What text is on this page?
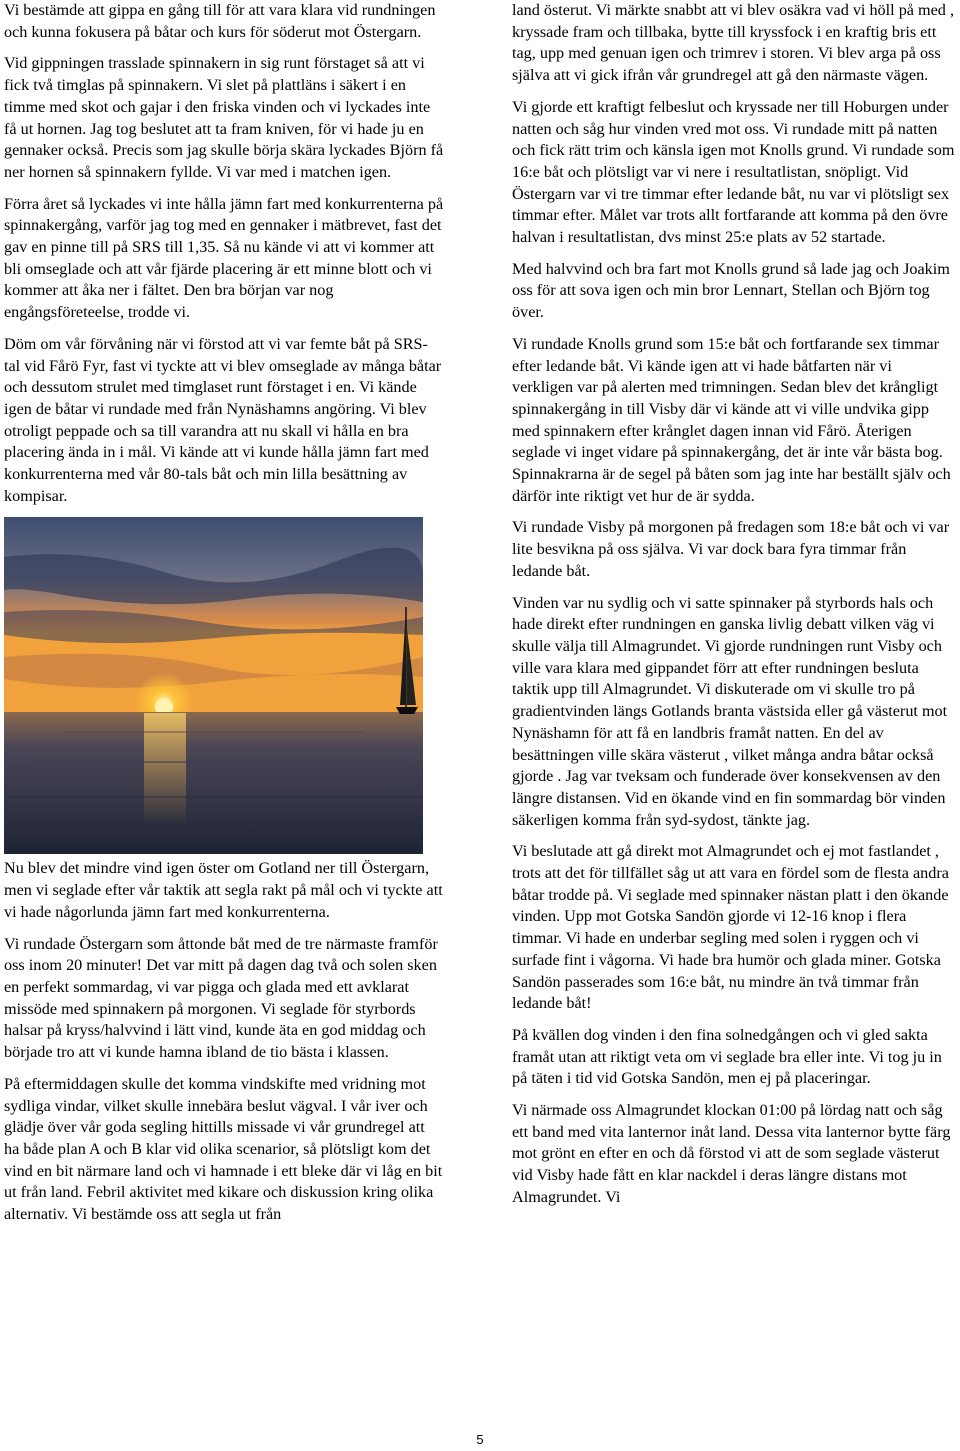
Vi bestämde att gippa en gång till för att vara klara vid rundningen och kunna fokusera på båtar och kurs för söderut mot Östergarn.

Vid gippningen trasslade spinnakern in sig runt förstaget så att vi fick två timglas på spinnakern. Vi slet på plattläns i säkert i en timme med skot och gajar i den friska vinden och vi lyckades inte få ut hornen. Jag tog beslutet att ta fram kniven, för vi hade ju en gennaker också. Precis som jag skulle börja skära lyckades Björn få ner hornen så spinnakern fyllde. Vi var med i matchen igen.

Förra året så lyckades vi inte hålla jämn fart med konkurrenterna på spinnakergång, varför jag tog med en gennaker i mätbrevet, fast det gav en pinne till på SRS till 1,35. Så nu kände vi att vi kommer att bli omseglade och att vår fjärde placering är ett minne blott och vi kommer att åka ner i fältet. Den bra början var nog engångsföreteelse, trodde vi.

Döm om vår förvåning när vi förstod att vi var femte båt på SRS-tal vid Fårö Fyr, fast vi tyckte att vi blev omseglade av många båtar och dessutom strulet med timglaset runt förstaget i en. Vi kände igen de båtar vi rundade med från Nynäshamns angöring. Vi blev otroligt peppade och sa till varandra att nu skall vi hålla en bra placering ända in i mål. Vi kände att vi kunde hålla jämn fart med konkurrenterna med vår 80-tals båt och min lilla besättning av kompisar.

Nu blev det mindre vind igen öster om Gotland ner till Östergarn, men vi seglade efter vår taktik att segla rakt på mål och vi tyckte att vi hade någorlunda jämn fart med konkurrenterna.

Vi rundade Östergarn som åttonde båt med de tre närmaste framför oss inom 20 minuter! Det var mitt på dagen dag två och solen sken en perfekt sommardag, vi var pigga och glada med ett avklarat missöde med spinnakern på morgonen. Vi seglade för styrbords halsar på kryss/halvvind i lätt vind, kunde äta en god middag och började tro att vi kunde hamna ibland de tio bästa i klassen.

På eftermiddagen skulle det komma vindskifte med vridning mot sydliga vindar, vilket skulle innebära beslut vägval. I vår iver och glädje över vår goda segling hittills missade vi vår grundregel att ha både plan A och B klar vid olika scenarior, så plötsligt kom det vind en bit närmare land och vi hamnade i ett bleke där vi låg en bit ut från land. Febril aktivitet med kikare och diskussion kring olika alternativ. Vi bestämde oss att segla ut från

land österut. Vi märkte snabbt att vi blev osäkra vad vi höll på med , kryssade fram och tillbaka, bytte till kryssfock i en kraftig bris ett tag, upp med genuan igen och trimrev i storen. Vi blev arga på oss själva att vi gick ifrån vår grundregel att gå den närmaste vägen.

Vi gjorde ett kraftigt felbeslut och kryssade ner till Hoburgen under natten och såg hur vinden vred mot oss. Vi rundade mitt på natten och fick rätt trim och känsla igen mot Knolls grund. Vi rundade som 16:e båt och plötsligt var vi nere i resultatlistan, snöpligt. Vid Östergarn var vi tre timmar efter ledande båt, nu var vi plötsligt sex timmar efter. Målet var trots allt fortfarande att komma på den övre halvan i resultatlistan, dvs minst 25:e plats av 52 startade.

Med halvvind och bra fart mot Knolls grund så lade jag och Joakim oss för att sova igen och min bror Lennart, Stellan och Björn tog över.

Vi rundade Knolls grund som 15:e båt och fortfarande sex timmar efter ledande båt. Vi kände igen att vi hade båtfarten när vi verkligen var på alerten med trimningen. Sedan blev det krångligt spinnakergång in till Visby där vi kände att vi ville undvika gipp med spinnakern efter krånglet dagen innan vid Fårö. Återigen seglade vi inget vidare på spinnakergång, det är inte vår bästa bog. Spinnakrarna är de segel på båten som jag inte har beställt själv och därför inte riktigt vet hur de är sydda.

Vi rundade Visby på morgonen på fredagen som 18:e båt och vi var lite besvikna på oss själva. Vi var dock bara fyra timmar från ledande båt.

Vinden var nu sydlig och vi satte spinnaker på styrbords hals och hade direkt efter rundningen en ganska livlig debatt vilken väg vi skulle välja till Almagrundet. Vi gjorde rundningen runt Visby och ville vara klara med gippandet förr att efter rundningen besluta taktik upp till Almagrundet. Vi diskuterade om vi skulle tro på gradientvinden längs Gotlands branta västsida eller gå västerut mot Nynäshamn för att få en landbris framåt natten. En del av besättningen ville skära västerut , vilket många andra båtar också gjorde . Jag var tveksam och funderade över konsekvensen av den längre distansen. Vid en ökande vind en fin sommardag bör vinden säkerligen komma från syd-sydost, tänkte jag.

Vi beslutade att gå direkt mot Almagrundet och ej mot fastlandet , trots att det för tillfället såg ut att vara en fördel som de flesta andra båtar trodde på. Vi seglade med spinnaker nästan platt i den ökande vinden. Upp mot Gotska Sandön gjorde vi 12-16 knop i flera timmar. Vi hade en underbar segling med solen i ryggen och vi surfade fint i vågorna. Vi hade bra humör och glada miner. Gotska Sandön passerades som 16:e båt, nu mindre än två timmar från ledande båt!

På kvällen dog vinden i den fina solnedgången och vi gled sakta framåt utan att riktigt veta om vi seglade bra eller inte. Vi tog ju in på täten i tid vid Gotska Sandön, men ej på placeringar.

Vi närmade oss Almagrundet klockan 01:00 på lördag natt och såg ett band med vita lanternor inåt land. Dessa vita lanternor bytte färg mot grönt en efter en och då förstod vi att de som seglade västerut vid Visby hade fått en klar nackdel i deras längre distans mot Almagrundet. Vi

5
